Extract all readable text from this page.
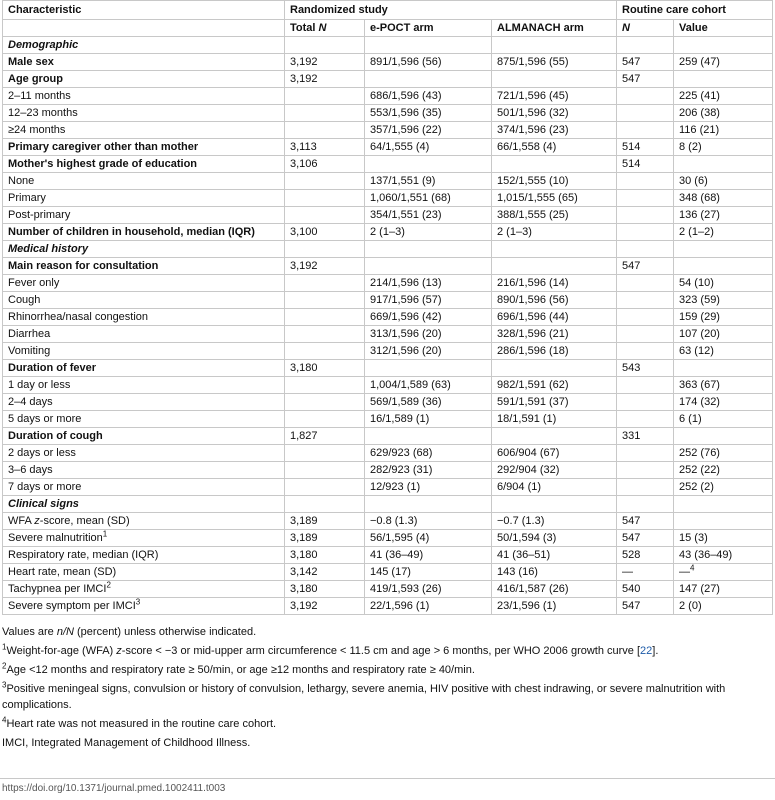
Characteristic	Randomized study			Routine care cohort	
	Total N	e-POCT arm	ALMANACH arm	N	Value
Demographic					
Male sex	3,192	891/1,596 (56)	875/1,596 (55)	547	259 (47)
Age group	3,192			547	
2–11 months		686/1,596 (43)	721/1,596 (45)		225 (41)
12–23 months		553/1,596 (35)	501/1,596 (32)		206 (38)
≥24 months		357/1,596 (22)	374/1,596 (23)		116 (21)
Primary caregiver other than mother	3,113	64/1,555 (4)	66/1,558 (4)	514	8 (2)
Mother's highest grade of education	3,106			514	
None		137/1,551 (9)	152/1,555 (10)		30 (6)
Primary		1,060/1,551 (68)	1,015/1,555 (65)		348 (68)
Post-primary		354/1,551 (23)	388/1,555 (25)		136 (27)
Number of children in household, median (IQR)	3,100	2 (1–3)	2 (1–3)		2 (1–2)
Medical history					
Main reason for consultation	3,192			547	
Fever only		214/1,596 (13)	216/1,596 (14)		54 (10)
Cough		917/1,596 (57)	890/1,596 (56)		323 (59)
Rhinorrhea/nasal congestion		669/1,596 (42)	696/1,596 (44)		159 (29)
Diarrhea		313/1,596 (20)	328/1,596 (21)		107 (20)
Vomiting		312/1,596 (20)	286/1,596 (18)		63 (12)
Duration of fever	3,180			543	
1 day or less		1,004/1,589 (63)	982/1,591 (62)		363 (67)
2–4 days		569/1,589 (36)	591/1,591 (37)		174 (32)
5 days or more		16/1,589 (1)	18/1,591 (1)		6 (1)
Duration of cough	1,827			331	
2 days or less		629/923 (68)	606/904 (67)		252 (76)
3–6 days		282/923 (31)	292/904 (32)		252 (22)
7 days or more		12/923 (1)	6/904 (1)		252 (2)
Clinical signs					
WFA z-score, mean (SD)	3,189	−0.8 (1.3)	−0.7 (1.3)	547	
Severe malnutrition$^1$	3,189	56/1,595 (4)	50/1,594 (3)	547	15 (3)
Respiratory rate, median (IQR)	3,180	41 (36–49)	41 (36–51)	528	43 (36–49)
Heart rate, mean (SD)	3,142	145 (17)	143 (16)	—	—$^4$
Tachypnea per IMCI$^2$	3,180	419/1,593 (26)	416/1,587 (26)	540	147 (27)
Severe symptom per IMCI$^3$	3,192	22/1,596 (1)	23/1,596 (1)	547	2 (0)
Values are n/N (percent) unless otherwise indicated.
$^1$Weight-for-age (WFA) z-score < −3 or mid-upper arm circumference < 11.5 cm and age > 6 months, per WHO 2006 growth curve [22].
$^2$Age <12 months and respiratory rate ≥ 50/min, or age ≥12 months and respiratory rate ≥ 40/min.
$^3$Positive meningeal signs, convulsion or history of convulsion, lethargy, severe anemia, HIV positive with chest indrawing, or severe malnutrition with complications.
$^4$Heart rate was not measured in the routine care cohort.
IMCI, Integrated Management of Childhood Illness.
https://doi.org/10.1371/journal.pmed.1002411.t003
